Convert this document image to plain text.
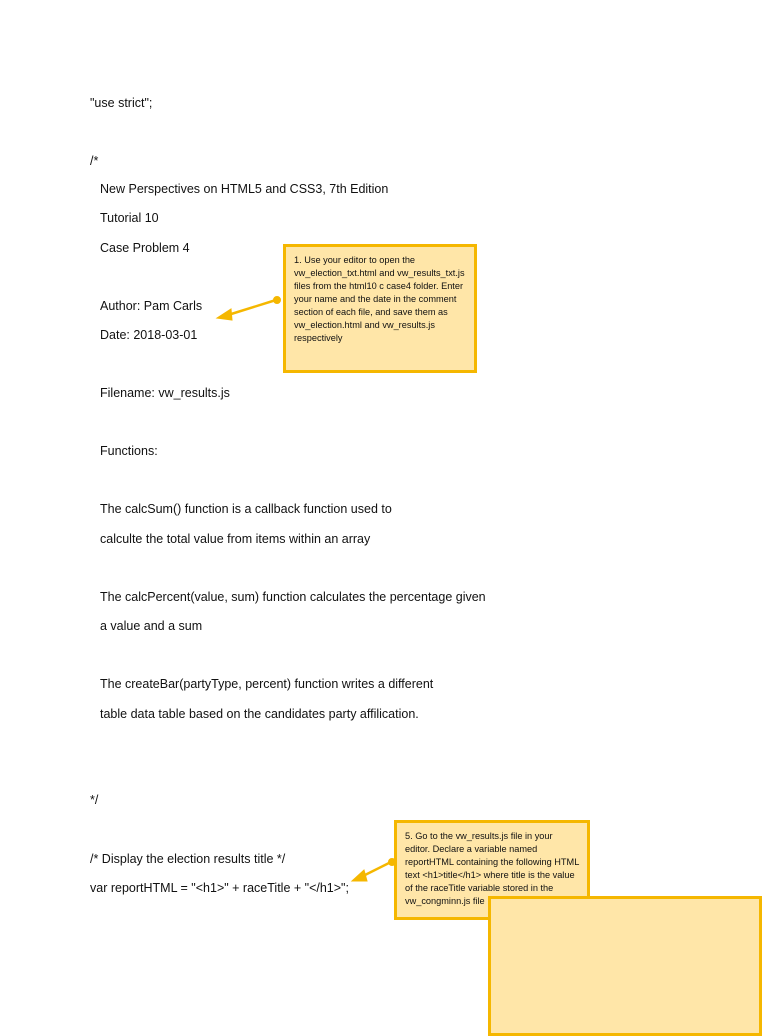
"use strict";
/*
New Perspectives on HTML5 and CSS3, 7th Edition
Tutorial 10
Case Problem 4
Author: Pam Carls
Date: 2018-03-01
Filename: vw_results.js
Functions:
The calcSum() function is a callback function used to
calculte the total value from items within an array
The calcPercent(value, sum) function calculates the percentage given
a value and a sum
The createBar(partyType, percent) function writes a different
table data table based on the candidates party affilication.
*/
/* Display the election results title */
var reportHTML = "<h1>" + raceTitle + "</h1>";

1. Use your editor to open the vw_election_txt.html and vw_results_txt.js files from the html10 c case4 folder. Enter your name and the date in the comment section of each file, and save them as vw_election.html and vw_results.js respectively

5. Go to the vw_results.js file in your editor. Declare a variable named reportHTML containing the following HTML text <h1>title</h1> where title is the value of the raceTitle variable stored in the vw_congminn.js file
